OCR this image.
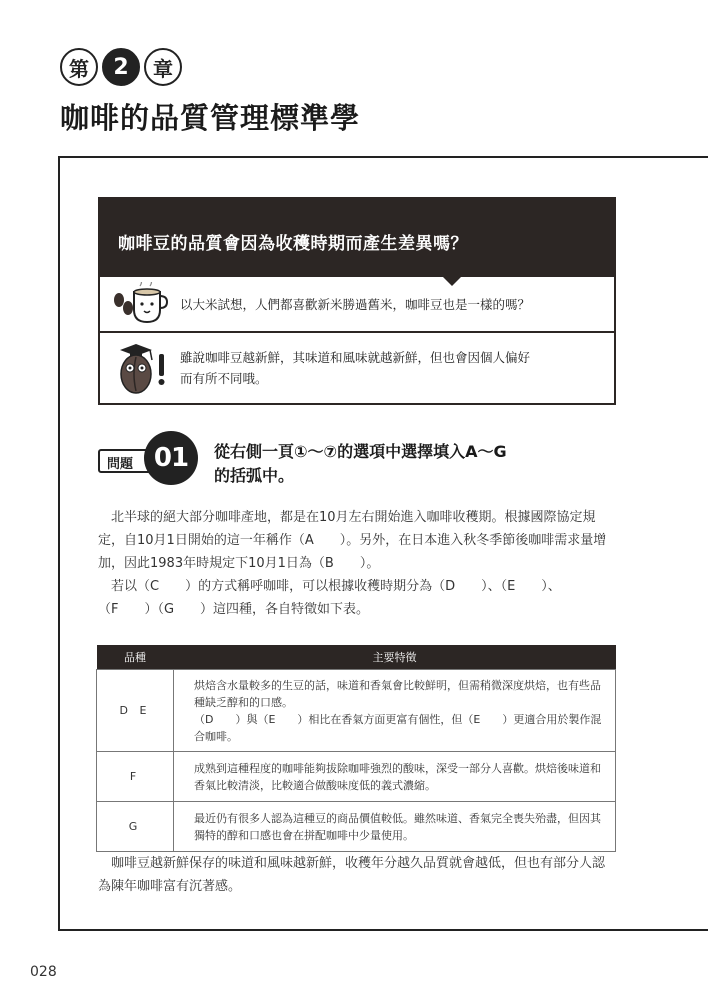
第	2	章
咖啡的品質管理標準學
咖啡豆的品質會因為收穫時期而產生差異嗎？
以大米試想，人們都喜歡新米勝過舊米，咖啡豆也是一樣的嗎？
雖說咖啡豆越新鮮，其味道和風味就越新鮮，但也會因個人偏好
而有所不同哦。
問題 01	從右側一頁①～⑦的選項中選擇填入A～G
的括弧中。
　北半球的絕大部分咖啡產地，都是在10月左右開始進入咖啡收穫期。根據國際協定規
定，自10月1日開始的這一年稱作（A　　）。另外，在日本進入秋冬季節後咖啡需求量增
加，因此1983年時規定下10月1日為（B　　）。
　若以（C　　）的方式稱呼咖啡，可以根據收穫時期分為（D　　）、（E　　）、
（F　　）（G　　）這四種，各自特徵如下表。
品種	主要特徵
D E	烘焙含水量較多的生豆的話，味道和香氣會比較鮮明，但需稍微深度烘焙，也有些品
種缺乏醇和的口感。
（D　　）與（E　　）相比在香氣方面更富有個性，但（E　　）更適合用於製作混
合咖啡。

F	成熟到這種程度的咖啡能夠拔除咖啡強烈的酸味，深受一部分人喜歡。烘焙後味道和
香氣比較清淡，比較適合做酸味度低的義式濃縮。

G	最近仍有很多人認為這種豆的商品價值較低。雖然味道、香氣完全喪失殆盡，但因其
獨特的醇和口感也會在拼配咖啡中少量使用。
　咖啡豆越新鮮保存的味道和風味越新鮮，收穫年分越久品質就會越低，但也有部分人認
為陳年咖啡富有沉著感。
028
